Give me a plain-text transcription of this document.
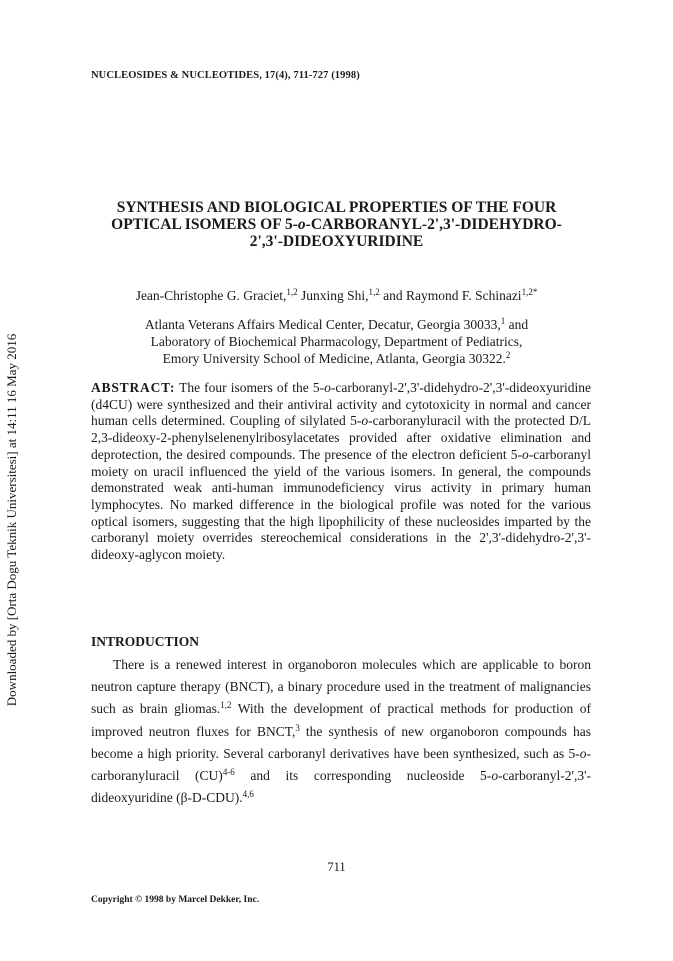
NUCLEOSIDES & NUCLEOTIDES, 17(4), 711-727 (1998)
Downloaded by [Orta Dogu Teknik Universitesi] at 14:11 16 May 2016
SYNTHESIS AND BIOLOGICAL PROPERTIES OF THE FOUR
OPTICAL ISOMERS OF 5-o-CARBORANYL-2',3'-DIDEHYDRO-
2',3'-DIDEOXYURIDINE
Jean-Christophe G. Graciet,$^{1,2}$ Junxing Shi,$^{1,2}$ and Raymond F. Schinazi$^{1,2*}$
Atlanta Veterans Affairs Medical Center, Decatur, Georgia 30033,$^1$ and
Laboratory of Biochemical Pharmacology, Department of Pediatrics,
Emory University School of Medicine, Atlanta, Georgia 30322.$^2$
ABSTRACT: The four isomers of the 5-o-carboranyl-2',3'-didehydro-2',3'-dideoxyuridine (d4CU) were synthesized and their antiviral activity and cytotoxicity in normal and cancer human cells determined. Coupling of silylated 5-o-carboranyluracil with the protected D/L 2,3-dideoxy-2-phenylselenenylribosylacetates provided after oxidative elimination and deprotection, the desired compounds. The presence of the electron deficient 5-o-carboranyl moiety on uracil influenced the yield of the various isomers. In general, the compounds demonstrated weak anti-human immunodeficiency virus activity in primary human lymphocytes. No marked difference in the biological profile was noted for the various optical isomers, suggesting that the high lipophilicity of these nucleosides imparted by the carboranyl moiety overrides stereochemical considerations in the 2',3'-didehydro-2',3'-dideoxy-aglycon moiety.
INTRODUCTION
There is a renewed interest in organoboron molecules which are applicable to boron neutron capture therapy (BNCT), a binary procedure used in the treatment of malignancies such as brain gliomas.$^{1,2}$ With the development of practical methods for production of improved neutron fluxes for BNCT,$^3$ the synthesis of new organoboron compounds has become a high priority. Several carboranyl derivatives have been synthesized, such as 5-o-carboranyluracil (CU)$^{4-6}$ and its corresponding nucleoside 5-o-carboranyl-2',3'-dideoxyuridine (β-D-CDU).$^{4,6}$
711
Copyright © 1998 by Marcel Dekker, Inc.
